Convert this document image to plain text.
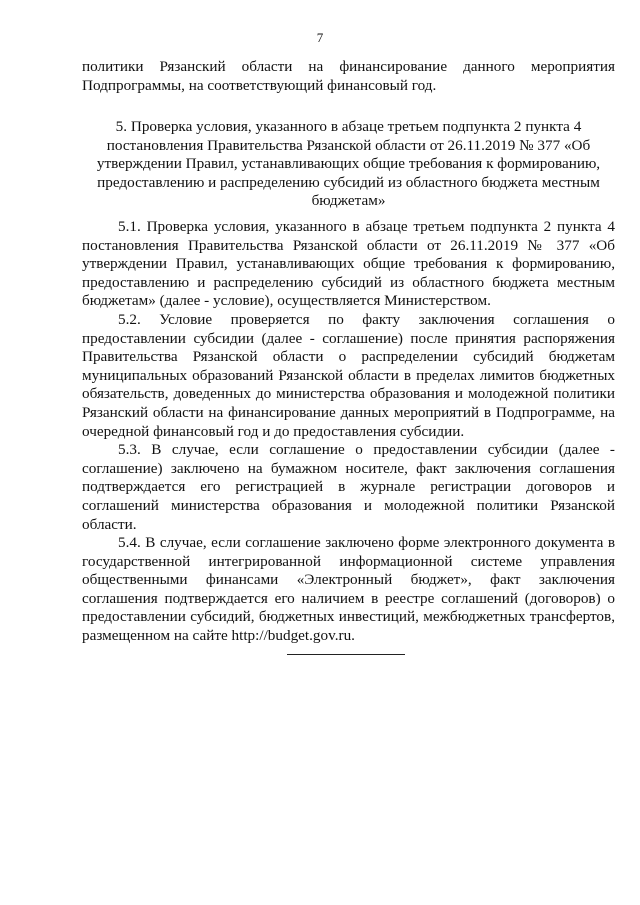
7

политики Рязанский области на финансирование данного мероприятия Подпрограммы, на соответствующий финансовый год.

5. Проверка условия, указанного в абзаце третьем подпункта 2 пункта 4 постановления Правительства Рязанской области от 26.11.2019 № 377 «Об утверждении Правил, устанавливающих общие требования к формированию, предоставлению и распределению субсидий из областного бюджета местным бюджетам»

5.1. Проверка условия, указанного в абзаце третьем подпункта 2 пункта 4 постановления Правительства Рязанской области от 26.11.2019 № 377 «Об утверждении Правил, устанавливающих общие требования к формированию, предоставлению и распределению субсидий из областного бюджета местным бюджетам» (далее - условие), осуществляется Министерством.

5.2. Условие проверяется по факту заключения соглашения о предоставлении субсидии (далее - соглашение) после принятия распоряжения Правительства Рязанской области о распределении субсидий бюджетам муниципальных образований Рязанской области в пределах лимитов бюджетных обязательств, доведенных до министерства образования и молодежной политики Рязанский области на финансирование данных мероприятий в Подпрограмме, на очередной финансовый год и до предоставления субсидии.

5.3. В случае, если соглашение о предоставлении субсидии (далее - соглашение) заключено на бумажном носителе, факт заключения соглашения подтверждается его регистрацией в журнале регистрации договоров и соглашений министерства образования и молодежной политики Рязанской области.

5.4. В случае, если соглашение заключено форме электронного документа в государственной интегрированной информационной системе управления общественными финансами «Электронный бюджет», факт заключения соглашения подтверждается его наличием в реестре соглашений (договоров) о предоставлении субсидий, бюджетных инвестиций, межбюджетных трансфертов, размещенном на сайте http://budget.gov.ru.
